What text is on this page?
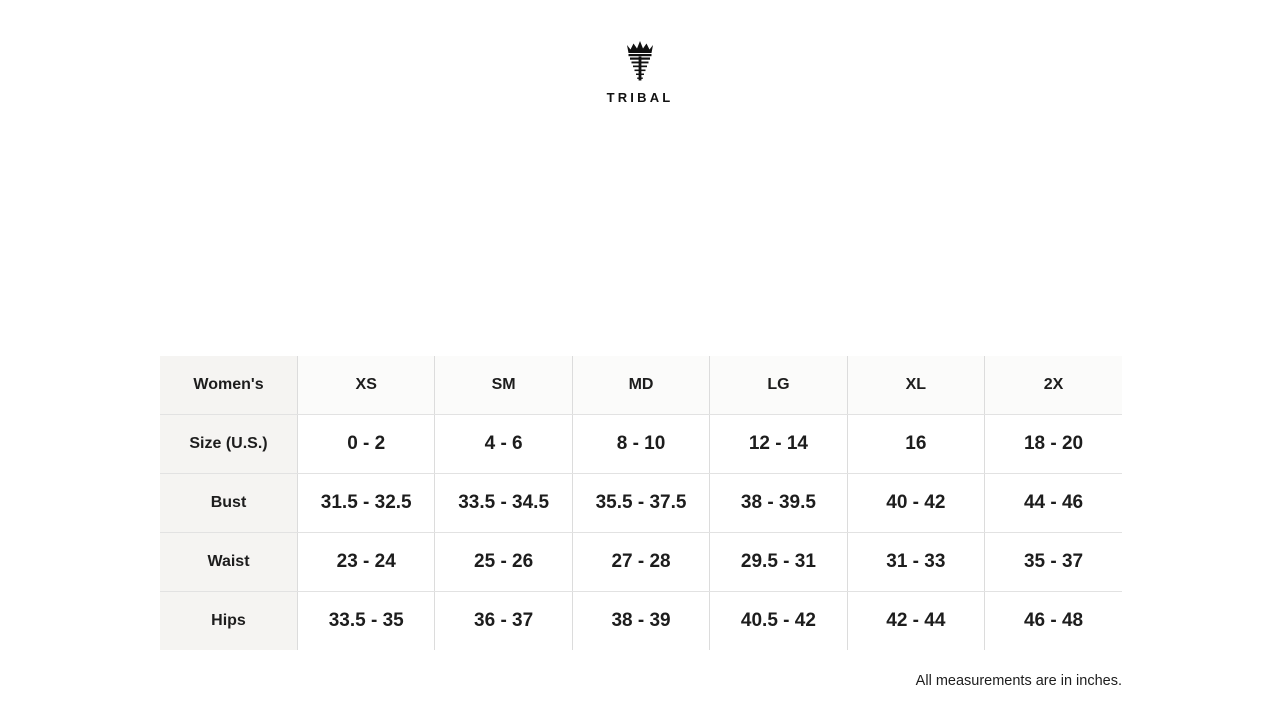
TRIBAL
Women's	XS	SM	MD	LG	XL	2X
Size (U.S.)	0 - 2	4 - 6	8 - 10	12 - 14	16	18 - 20
Bust	31.5 - 32.5	33.5 - 34.5	35.5 - 37.5	38 - 39.5	40 - 42	44 - 46
Waist	23 - 24	25 - 26	27 - 28	29.5 - 31	31 - 33	35 - 37
Hips	33.5 - 35	36 - 37	38 - 39	40.5 - 42	42 - 44	46 - 48
All measurements are in inches.
